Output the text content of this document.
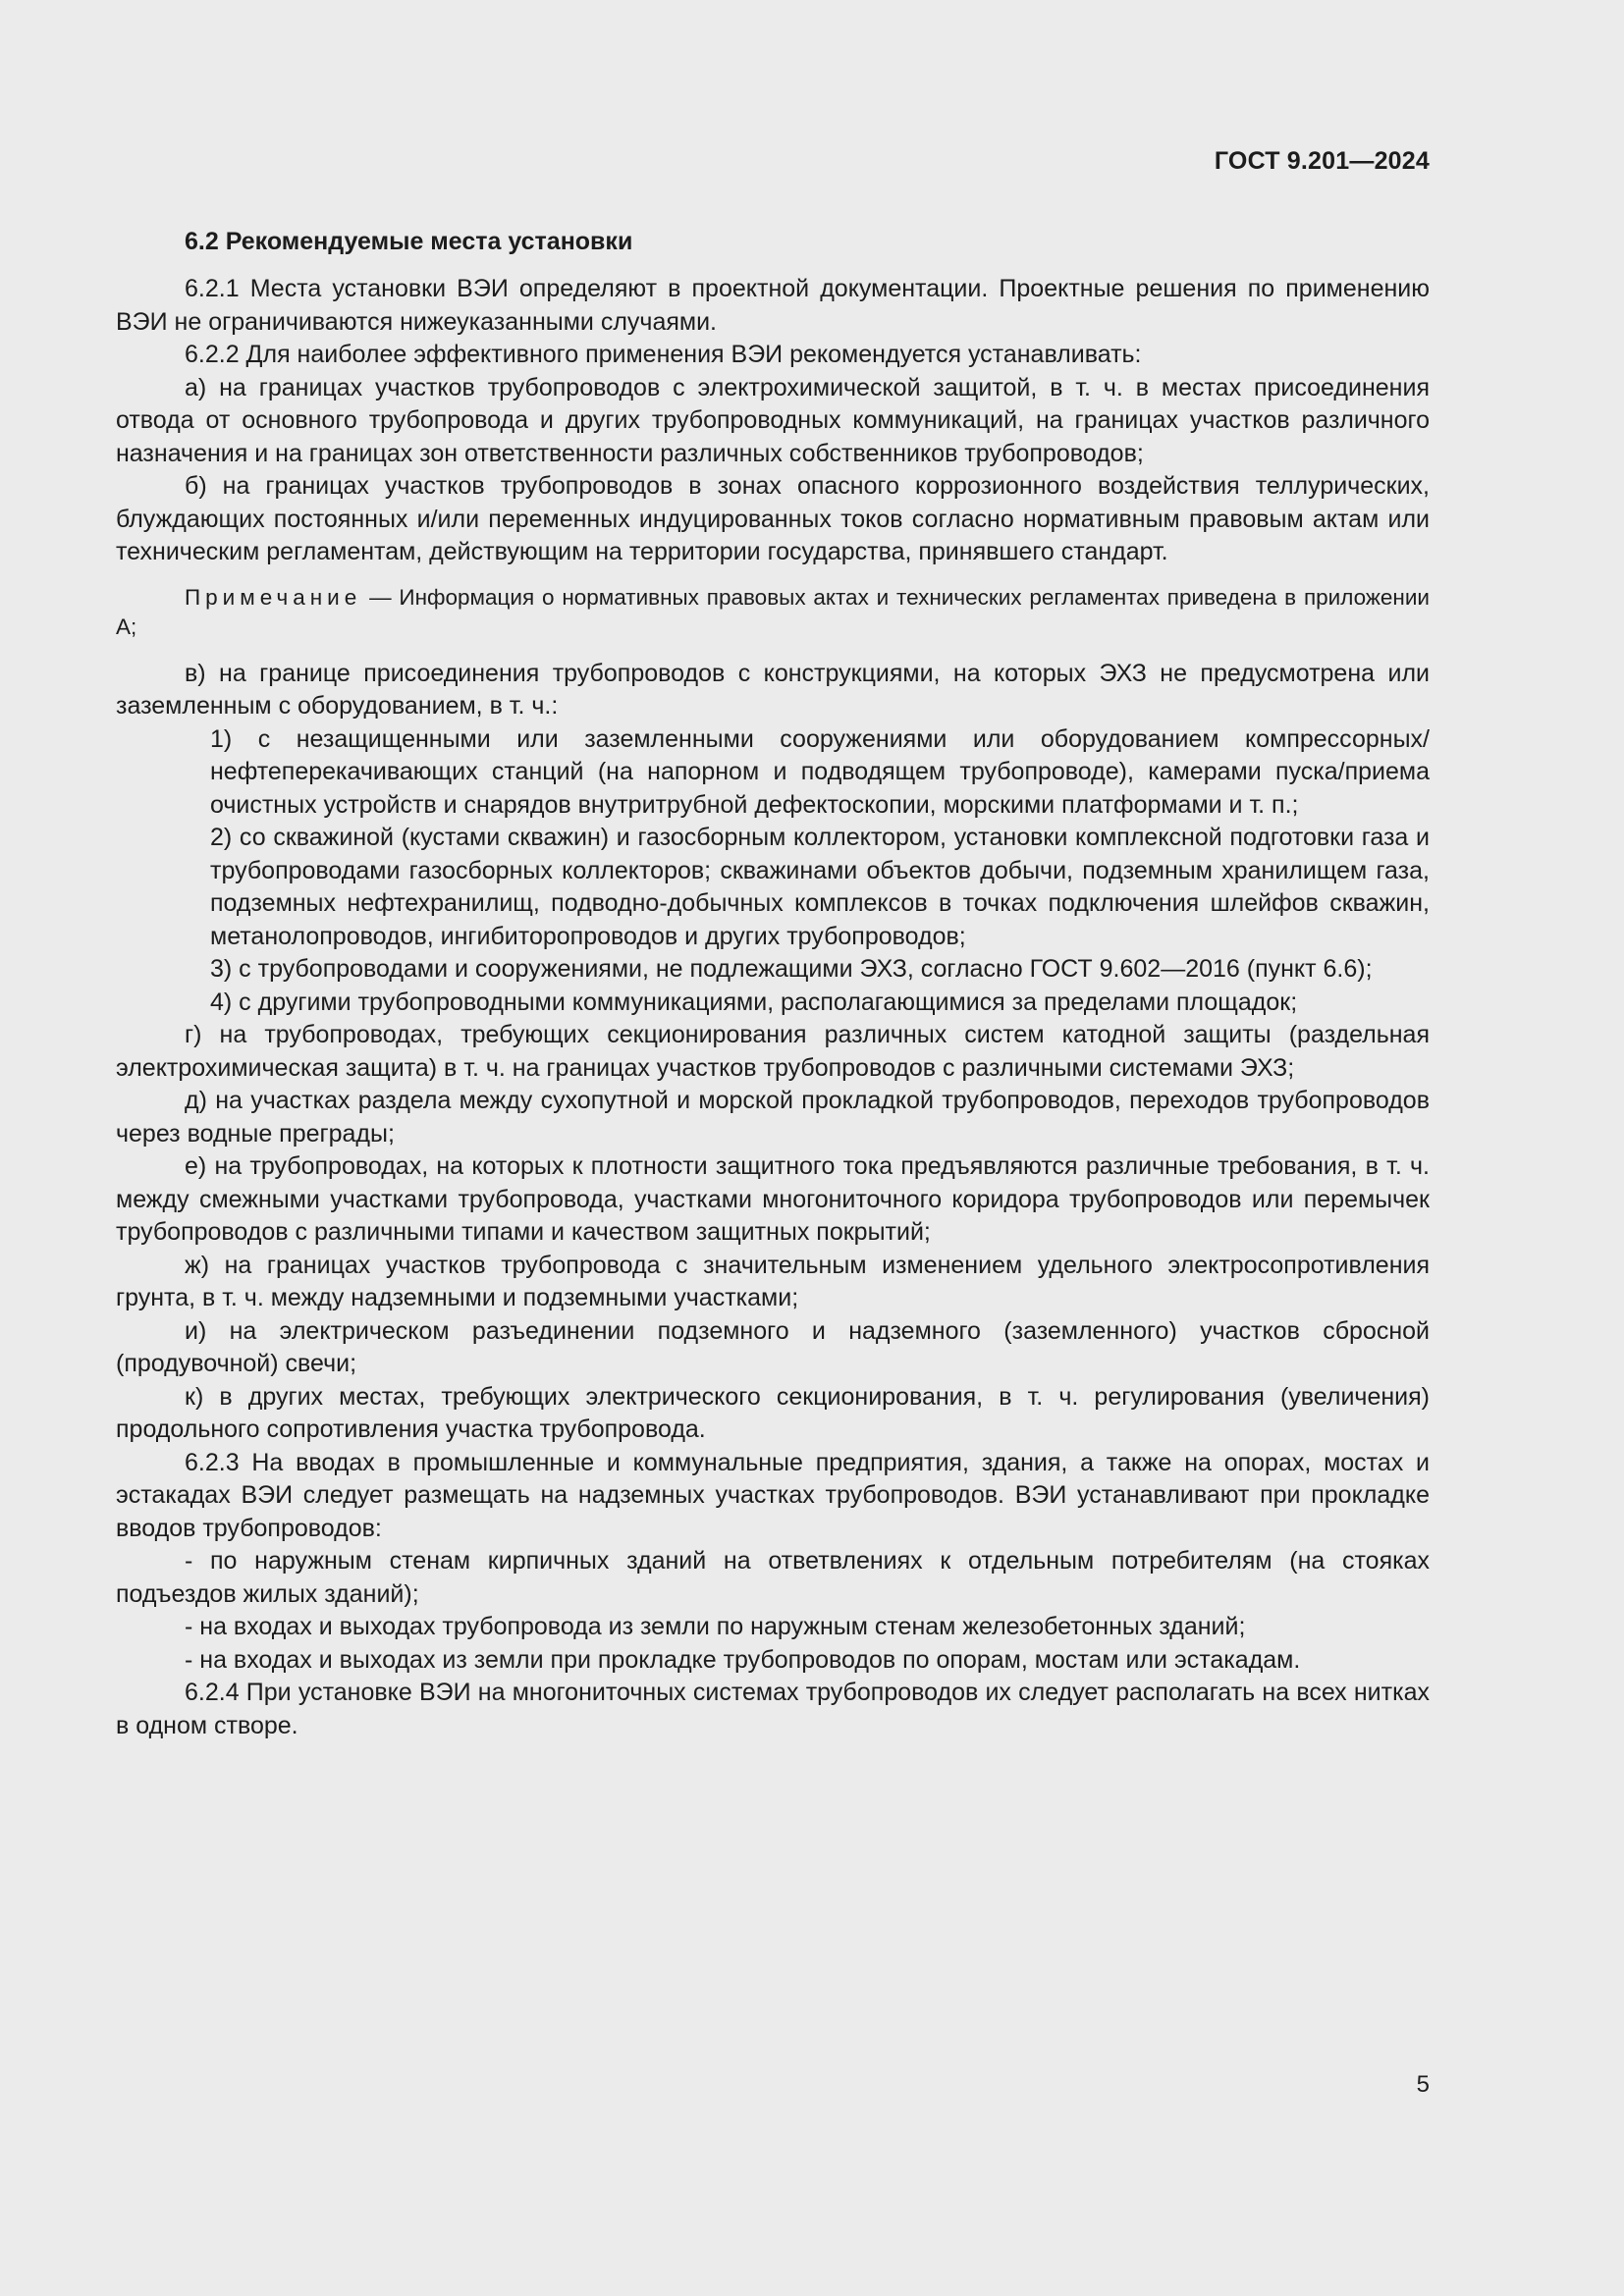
ГОСТ 9.201—2024
6.2 Рекомендуемые места установки

6.2.1 Места установки ВЭИ определяют в проектной документации. Проектные решения по применению ВЭИ не ограничиваются нижеуказанными случаями.

6.2.2 Для наиболее эффективного применения ВЭИ рекомендуется устанавливать:

а) на границах участков трубопроводов с электрохимической защитой, в т. ч. в местах присоединения отвода от основного трубопровода и других трубопроводных коммуникаций, на границах участков различного назначения и на границах зон ответственности различных собственников трубопроводов;

б) на границах участков трубопроводов в зонах опасного коррозионного воздействия теллурических, блуждающих постоянных и/или переменных индуцированных токов согласно нормативным правовым актам или техническим регламентам, действующим на территории государства, принявшего стандарт.

Примечание — Информация о нормативных правовых актах и технических регламентах приведена в приложении А;

в) на границе присоединения трубопроводов с конструкциями, на которых ЭХЗ не предусмотрена или заземленным с оборудованием, в т. ч.:

1) с незащищенными или заземленными сооружениями или оборудованием компрессорных/нефтеперекачивающих станций (на напорном и подводящем трубопроводе), камерами пуска/приема очистных устройств и снарядов внутритрубной дефектоскопии, морскими платформами и т. п.;

2) со скважиной (кустами скважин) и газосборным коллектором, установки комплексной подготовки газа и трубопроводами газосборных коллекторов; скважинами объектов добычи, подземным хранилищем газа, подземных нефтехранилищ, подводно-добычных комплексов в точках подключения шлейфов скважин, метанолопроводов, ингибиторопроводов и других трубопроводов;

3) с трубопроводами и сооружениями, не подлежащими ЭХЗ, согласно ГОСТ 9.602—2016 (пункт 6.6);

4) с другими трубопроводными коммуникациями, располагающимися за пределами площадок;

г) на трубопроводах, требующих секционирования различных систем катодной защиты (раздельная электрохимическая защита) в т. ч. на границах участков трубопроводов с различными системами ЭХЗ;

д) на участках раздела между сухопутной и морской прокладкой трубопроводов, переходов трубопроводов через водные преграды;

е) на трубопроводах, на которых к плотности защитного тока предъявляются различные требования, в т. ч. между смежными участками трубопровода, участками многониточного коридора трубопроводов или перемычек трубопроводов с различными типами и качеством защитных покрытий;

ж) на границах участков трубопровода с значительным изменением удельного электросопротивления грунта, в т. ч. между надземными и подземными участками;

и) на электрическом разъединении подземного и надземного (заземленного) участков сбросной (продувочной) свечи;

к) в других местах, требующих электрического секционирования, в т. ч. регулирования (увеличения) продольного сопротивления участка трубопровода.

6.2.3 На вводах в промышленные и коммунальные предприятия, здания, а также на опорах, мостах и эстакадах ВЭИ следует размещать на надземных участках трубопроводов. ВЭИ устанавливают при прокладке вводов трубопроводов:

- по наружным стенам кирпичных зданий на ответвлениях к отдельным потребителям (на стояках подъездов жилых зданий);

- на входах и выходах трубопровода из земли по наружным стенам железобетонных зданий;

- на входах и выходах из земли при прокладке трубопроводов по опорам, мостам или эстакадам.

6.2.4 При установке ВЭИ на многониточных системах трубопроводов их следует располагать на всех нитках в одном створе.

5
